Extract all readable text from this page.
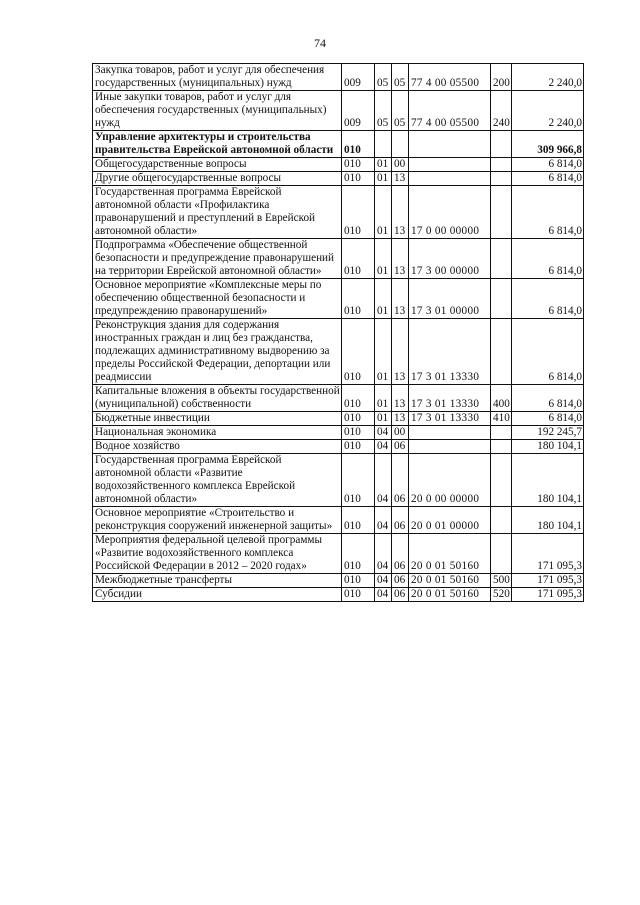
74
Закупка товаров, работ и услуг для обеспечения государственных (муниципальных) нужд	009	05	05	77 4 00 05500	200	2 240,0
Иные закупки товаров, работ и услуг для обеспечения государственных (муниципальных) нужд	009	05	05	77 4 00 05500	240	2 240,0
Управление архитектуры и строительства правительства Еврейской автономной области	010					309 966,8
Общегосударственные вопросы	010	01	00			6 814,0
Другие общегосударственные вопросы	010	01	13			6 814,0
Государственная программа Еврейской автономной области «Профилактика правонарушений и преступлений в Еврейской автономной области»	010	01	13	17 0 00 00000		6 814,0
Подпрограмма «Обеспечение общественной безопасности и предупреждение правонарушений на территории Еврейской автономной области»	010	01	13	17 3 00 00000		6 814,0
Основное мероприятие «Комплексные меры по обеспечению общественной безопасности и предупреждению правонарушений»	010	01	13	17 3 01 00000		6 814,0
Реконструкция здания для содержания иностранных граждан и лиц без гражданства, подлежащих административному выдворению за пределы Российской Федерации, депортации или реадмиссии	010	01	13	17 3 01 13330		6 814,0
Капитальные вложения в объекты государственной (муниципальной) собственности	010	01	13	17 3 01 13330	400	6 814,0
Бюджетные инвестиции	010	01	13	17 3 01 13330	410	6 814,0
Национальная экономика	010	04	00			192 245,7
Водное хозяйство	010	04	06			180 104,1
Государственная программа Еврейской автономной области «Развитие водохозяйственного комплекса Еврейской автономной области»	010	04	06	20 0 00 00000		180 104,1
Основное мероприятие «Строительство и реконструкция сооружений инженерной защиты»	010	04	06	20 0 01 00000		180 104,1
Мероприятия федеральной целевой программы «Развитие водохозяйственного комплекса Российской Федерации в 2012 – 2020 годах»	010	04	06	20 0 01 50160		171 095,3
Межбюджетные трансферты	010	04	06	20 0 01 50160	500	171 095,3
Субсидии	010	04	06	20 0 01 50160	520	171 095,3
